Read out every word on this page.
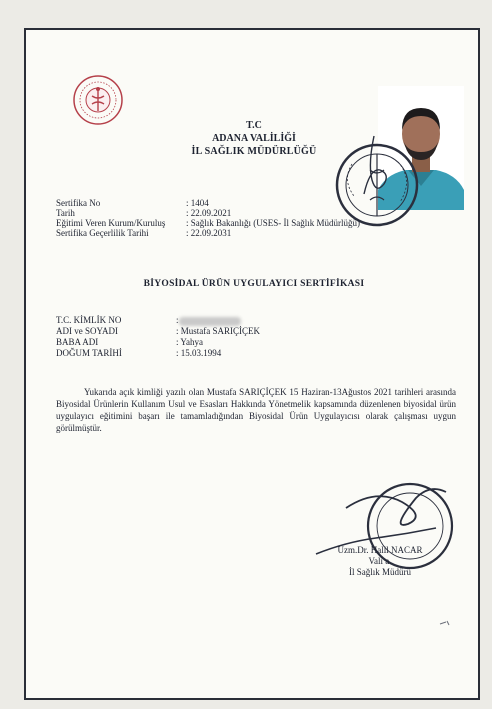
T.C
ADANA VALİLİĞİ
İL SAĞLIK MÜDÜRLÜĞÜ
Sertifika No	: 1404
Tarih	: 22.09.2021
Eğitimi Veren Kurum/Kuruluş : Sağlık Bakanlığı (USES- İl Sağlık Müdürlüğü)
Sertifika Geçerlilik Tarihi	: 22.09.2031
BİYOSİDAL ÜRÜN UYGULAYICI SERTİFİKASI
T.C. KİMLİK NO	:
ADI ve SOYADI	: Mustafa SARIÇİÇEK
BABA ADI	: Yahya
DOĞUM TARİHİ	: 15.03.1994

Yukarıda açık kimliği yazılı olan Mustafa SARIÇİÇEK 15 Haziran-13Ağustos 2021 tarihleri arasında Biyosidal Ürünlerin Kullanım Usul ve Esasları Hakkında Yönetmelik kapsamında düzenlenen biyosidal ürün uygulayıcı eğitimini başarı ile tamamladığından Biyosidal Ürün Uygulayıcısı olarak çalışması uygun görülmüştür.

Uzm.Dr. Halil NACAR
Vali a.
İl Sağlık Müdürü
